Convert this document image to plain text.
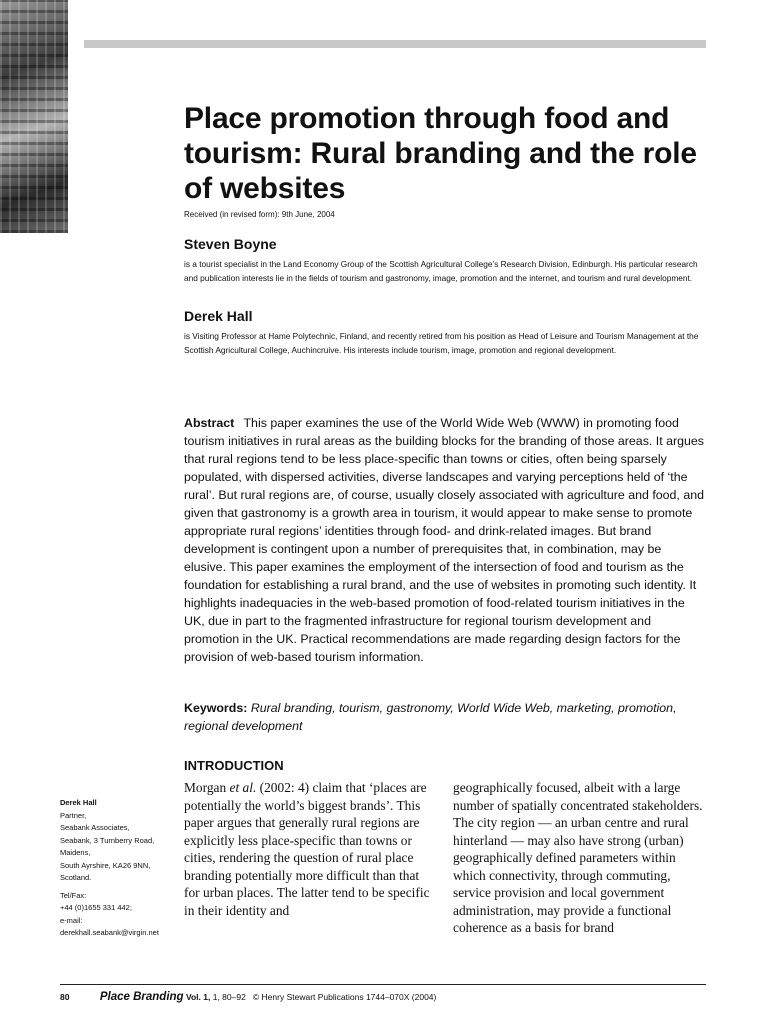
Place promotion through food and tourism: Rural branding and the role of websites

Received (in revised form): 9th June, 2004

Steven Boyne

is a tourist specialist in the Land Economy Group of the Scottish Agricultural College’s Research Division, Edinburgh. His particular research and publication interests lie in the fields of tourism and gastronomy, image, promotion and the internet, and tourism and rural development.

Derek Hall

is Visiting Professor at Hame Polytechnic, Finland, and recently retired from his position as Head of Leisure and Tourism Management at the Scottish Agricultural College, Auchincruive. His interests include tourism, image, promotion and regional development.

Abstract This paper examines the use of the World Wide Web (WWW) in promoting food tourism initiatives in rural areas as the building blocks for the branding of those areas. It argues that rural regions tend to be less place-specific than towns or cities, often being sparsely populated, with dispersed activities, diverse landscapes and varying perceptions held of ‘the rural’. But rural regions are, of course, usually closely associated with agriculture and food, and given that gastronomy is a growth area in tourism, it would appear to make sense to promote appropriate rural regions’ identities through food- and drink-related images. But brand development is contingent upon a number of prerequisites that, in combination, may be elusive. This paper examines the employment of the intersection of food and tourism as the foundation for establishing a rural brand, and the use of websites in promoting such identity. It highlights inadequacies in the web-based promotion of food-related tourism initiatives in the UK, due in part to the fragmented infrastructure for regional tourism development and promotion in the UK. Practical recommendations are made regarding design factors for the provision of web-based tourism information.

Keywords: Rural branding, tourism, gastronomy, World Wide Web, marketing, promotion, regional development

INTRODUCTION

Morgan et al. (2002: 4) claim that ‘places are potentially the world’s biggest brands’. This paper argues that generally rural regions are explicitly less place-specific than towns or cities, rendering the question of rural place branding potentially more difficult than that for urban places. The latter tend to be specific in their identity and

geographically focused, albeit with a large number of spatially concentrated stakeholders. The city region — an urban centre and rural hinterland — may also have strong (urban) geographically defined parameters within which connectivity, through commuting, service provision and local government administration, may provide a functional coherence as a basis for brand

Derek Hall
Partner,
Seabank Associates,
Seabank, 3 Turnberry Road,
Maidens,
South Ayrshire, KA26 9NN,
Scotland.
Tel/Fax:
+44 (0)1655 331 442;
e-mail:
derekhall.seabank@virgin.net

80	Place Branding Vol. 1, 1, 80–92 © Henry Stewart Publications 1744–070X (2004)
